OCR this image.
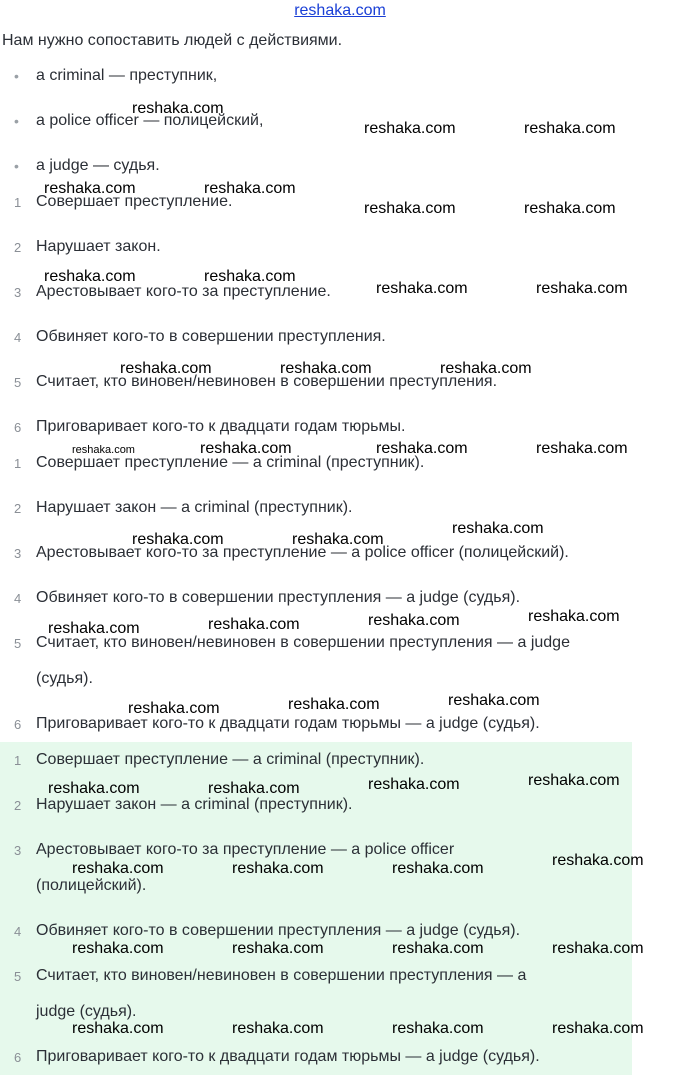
reshaka.com
Нам нужно сопоставить людей с действиями.
• a criminal — преступник,
• a police officer — полицейский,
• a judge — судья.
1 Совершает преступление.
2 Нарушает закон.
3 Арестовывает кого-то за преступление.
4 Обвиняет кого-то в совершении преступления.
5 Считает, кто виновен/невиновен в совершении преступления.
6 Приговаривает кого-то к двадцати годам тюрьмы.
1 Совершает преступление — a criminal (преступник).
2 Нарушает закон — a criminal (преступник).
3 Арестовывает кого-то за преступление — a police officer (полицейский).
4 Обвиняет кого-то в совершении преступления — a judge (судья).
5 Считает, кто виновен/невиновен в совершении преступления — a judge
(судья).
6 Приговаривает кого-то к двадцати годам тюрьмы — a judge (судья).
1 Совершает преступление — a criminal (преступник).
2 Нарушает закон — a criminal (преступник).
3 Арестовывает кого-то за преступление — a police officer
(полицейский).
4 Обвиняет кого-то в совершении преступления — a judge (судья).
5 Считает, кто виновен/невиновен в совершении преступления — a
judge (судья).
6 Приговаривает кого-то к двадцати годам тюрьмы — a judge (судья).
reshaka.com
reshaka.com	reshaka.com
reshaka.com	reshaka.com
reshaka.com	reshaka.com
reshaka.com	reshaka.com
reshaka.com	reshaka.com
reshaka.com	reshaka.com	reshaka.com
reshaka.com	reshaka.com	reshaka.com	reshaka.com
reshaka.com
reshaka.com	reshaka.com
reshaka.com
reshaka.com
reshaka.com
reshaka.com
reshaka.com
reshaka.com
reshaka.com
reshaka.com
reshaka.com
reshaka.com
reshaka.com
reshaka.com
reshaka.com	reshaka.com	reshaka.com
reshaka.com	reshaka.com	reshaka.com	reshaka.com
reshaka.com	reshaka.com	reshaka.com	reshaka.com
